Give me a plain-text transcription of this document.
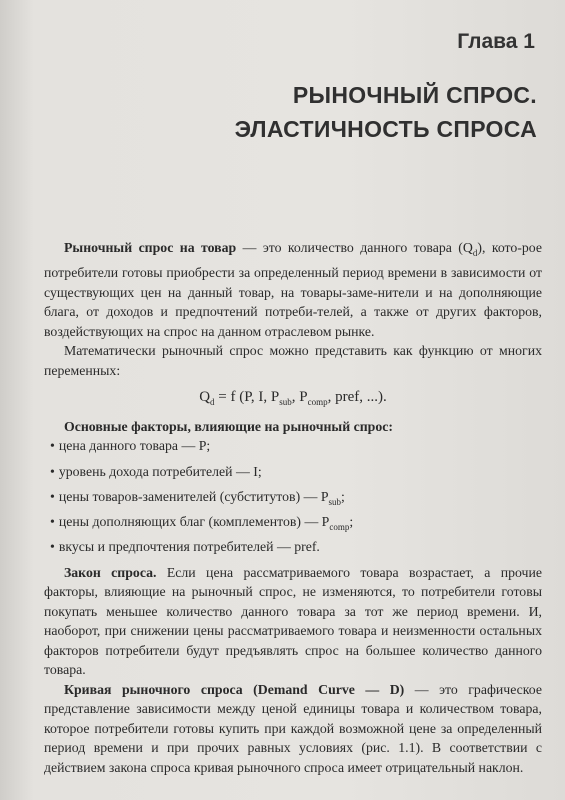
Глава 1
РЫНОЧНЫЙ СПРОС.
ЭЛАСТИЧНОСТЬ СПРОСА

Рыночный спрос на товар — это количество данного товара $(Q_d)$, кото-рое потребители готовы приобрести за определенный период времени в зависимости от существующих цен на данный товар, на товары-заме-нители и на дополняющие блага, от доходов и предпочтений потреби-телей, а также от других факторов, воздействующих на спрос на данном отраслевом рынке.

Математически рыночный спрос можно представить как функцию от многих переменных:

$Q_d = f$ (P, I, $P_{sub}$, $P_{comp}$, pref, ...).

Основные факторы, влияющие на рыночный спрос:

• цена данного товара — P;
• уровень дохода потребителей — I;
• цены товаров-заменителей (субститутов) — $P_{sub}$;
• цены дополняющих благ (комплементов) — $P_{comp}$;
• вкусы и предпочтения потребителей — pref.

Закон спроса. Если цена рассматриваемого товара возрастает, а прочие факторы, влияющие на рыночный спрос, не изменяются, то потребители готовы покупать меньшее количество данного товара за тот же период времени. И, наоборот, при снижении цены рассматриваемого товара и неизменности остальных факторов потребители будут предъявлять спрос на большее количество данного товара.

Кривая рыночного спроса (Demand Curve — D) — это графическое представление зависимости между ценой единицы товара и количеством товара, которое потребители готовы купить при каждой возможной цене за определенный период времени и при прочих равных условиях (рис. 1.1). В соответствии с действием закона спроса кривая рыночного спроса имеет отрицательный наклон.
